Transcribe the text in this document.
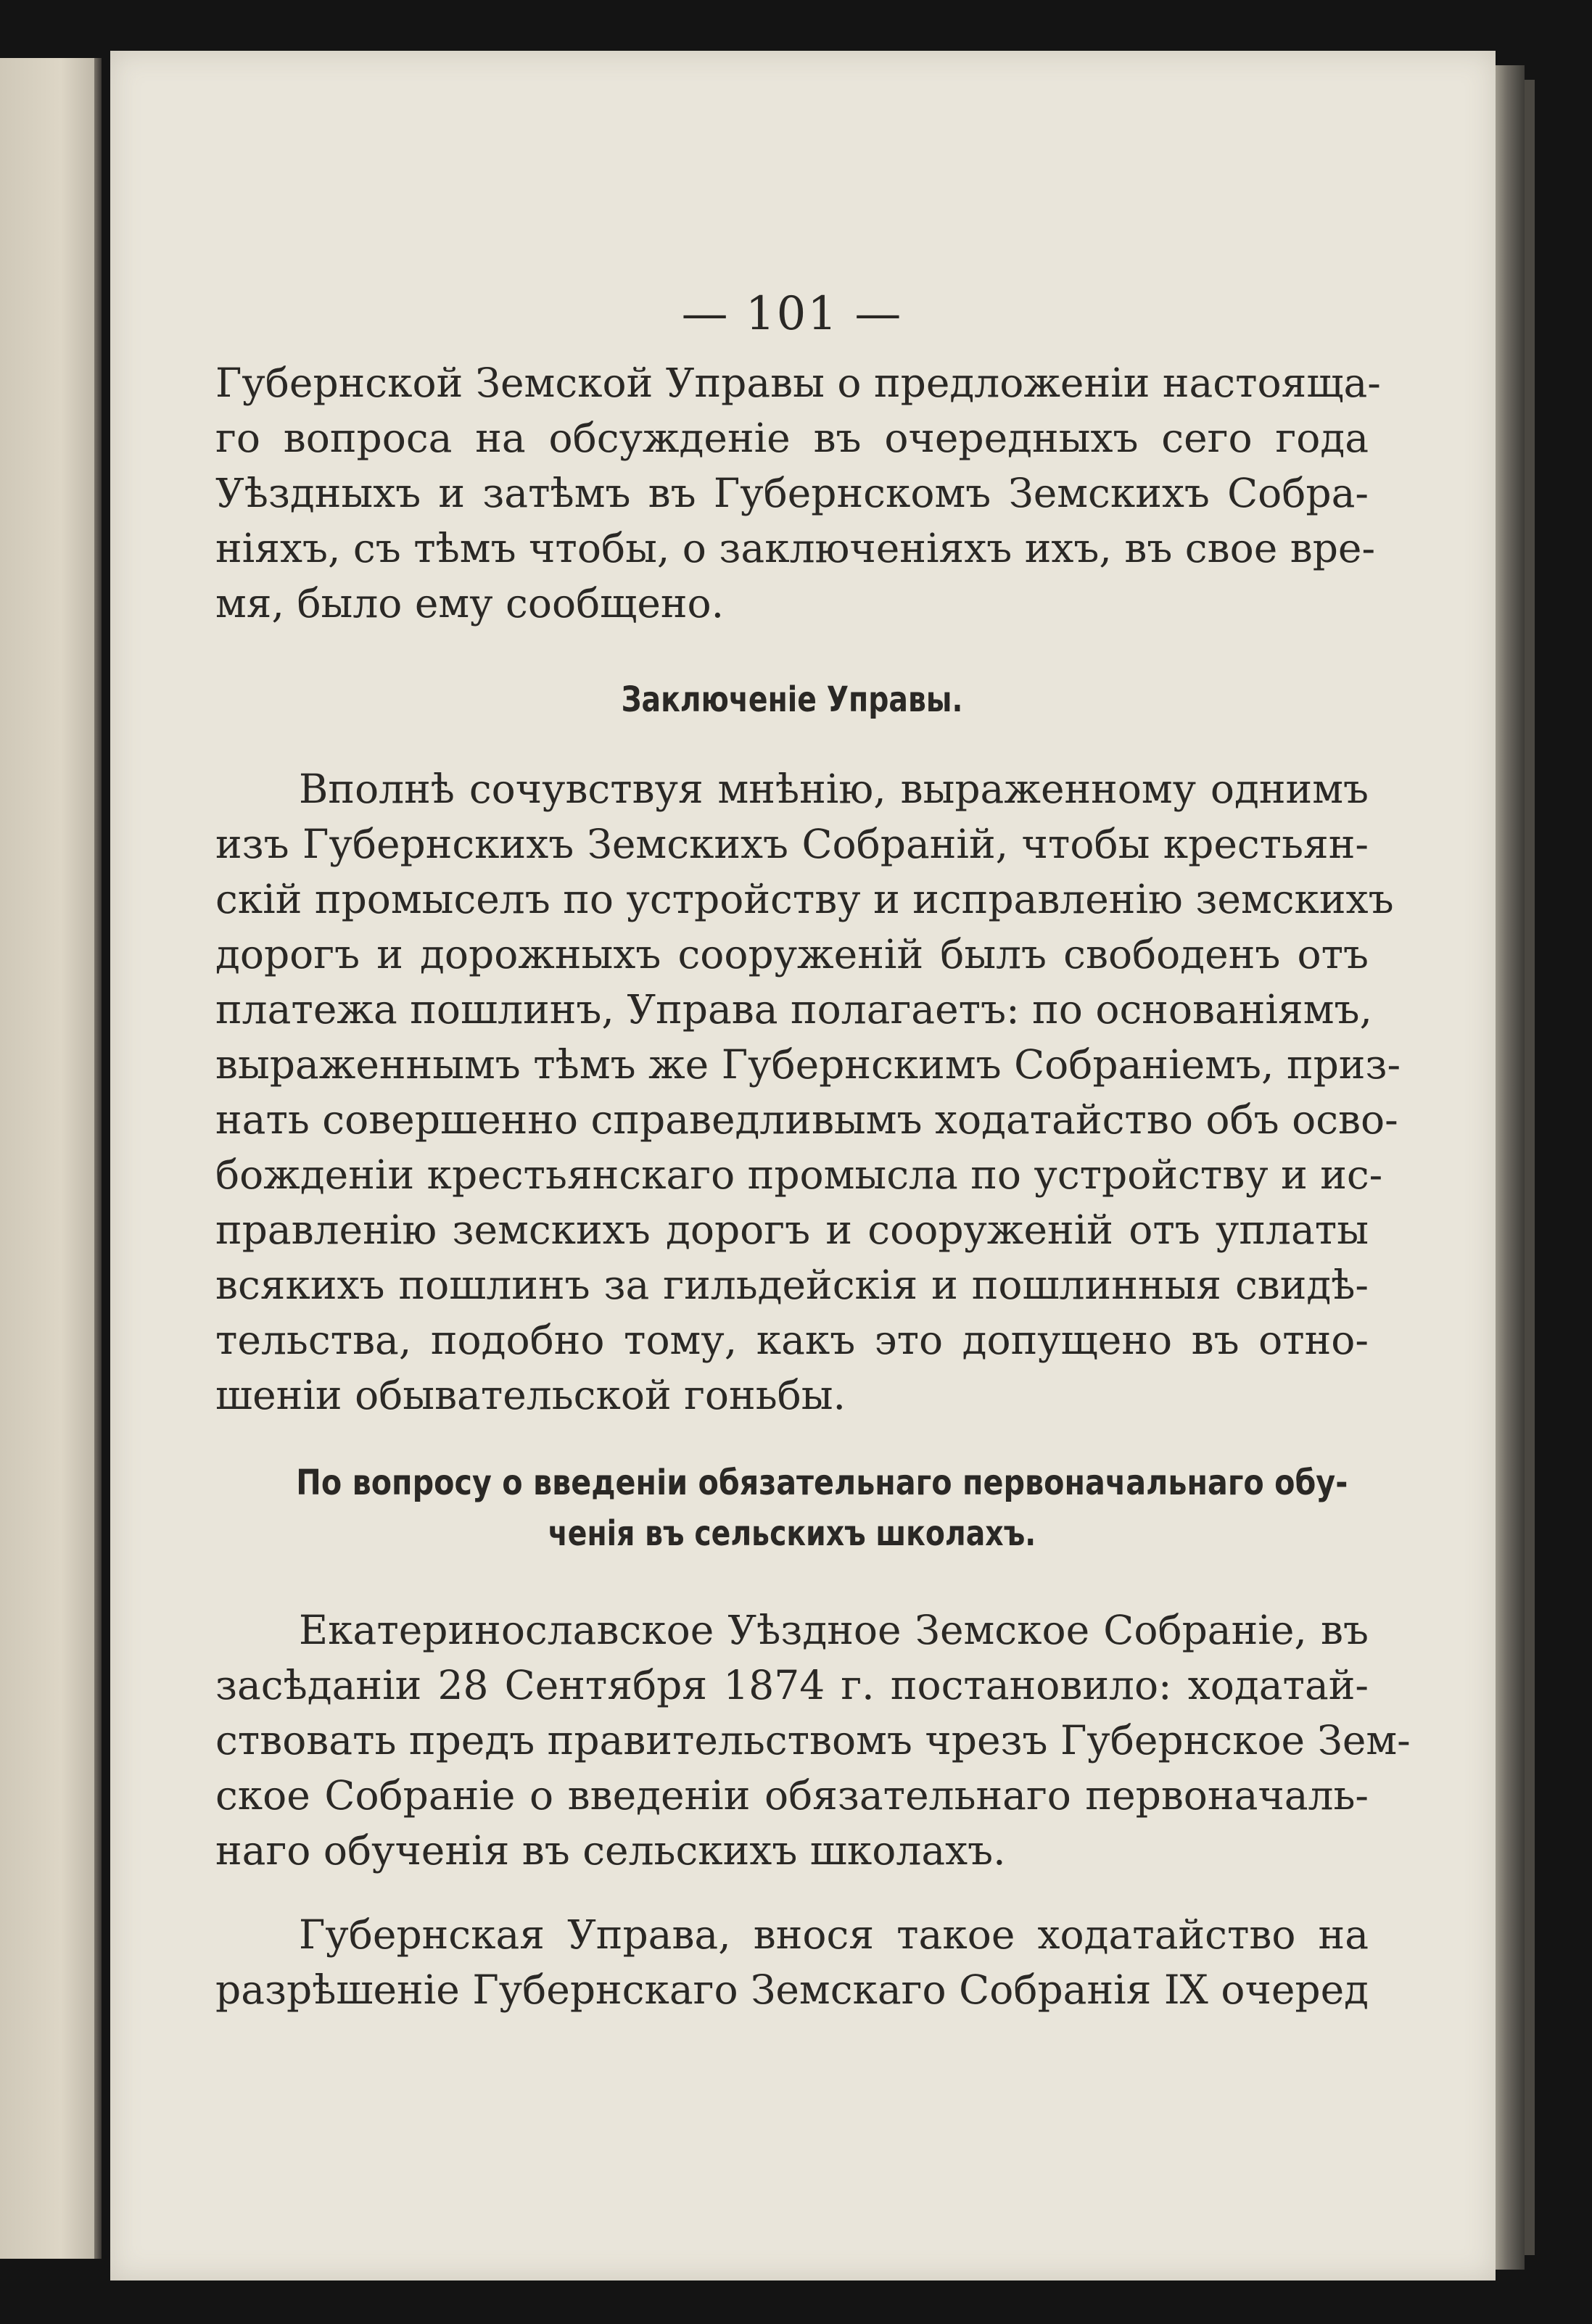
— 101 —
Губернской Земской Управы о предложенiи настояща-
го вопроса на обсужденiе въ очередныхъ сего года
Уѣздныхъ и затѣмъ въ Губернскомъ Земскихъ Собра-
нiяхъ, съ тѣмъ чтобы, о заключенiяхъ ихъ, въ свое вре-
мя, было ему сообщено.
Заключенiе Управы.
Вполнѣ сочувствуя мнѣнiю, выраженному однимъ
изъ Губернскихъ Земскихъ Собранiй, чтобы крестьян-
скiй промыселъ по устройству и исправленiю земскихъ
дорогъ и дорожныхъ сооруженiй былъ свободенъ отъ
платежа пошлинъ, Управа полагаетъ: по основанiямъ,
выраженнымъ тѣмъ же Губернскимъ Собранiемъ, приз-
нать совершенно справедливымъ ходатайство объ осво-
божденiи крестьянскаго промысла по устройству и ис-
правленiю земскихъ дорогъ и сооруженiй отъ уплаты
всякихъ пошлинъ за гильдейскiя и пошлинныя свидѣ-
тельства, подобно тому, какъ это допущено въ отно-
шенiи обывательской гоньбы.
По вопросу о введенiи обязательнаго первоначальнаго обу-
ченiя въ сельскихъ школахъ.
Екатеринославское Уѣздное Земское Собранiе, въ
засѣданiи 28 Сентября 1874 г. постановило: ходатай-
ствовать предъ правительствомъ чрезъ Губернское Зем-
ское Собранiе о введенiи обязательнаго первоначаль-
наго обученiя въ сельскихъ школахъ.
Губернская Управа, внося такое ходатайство на
разрѣшенiе Губернскаго Земскаго Собранiя IX очеред
